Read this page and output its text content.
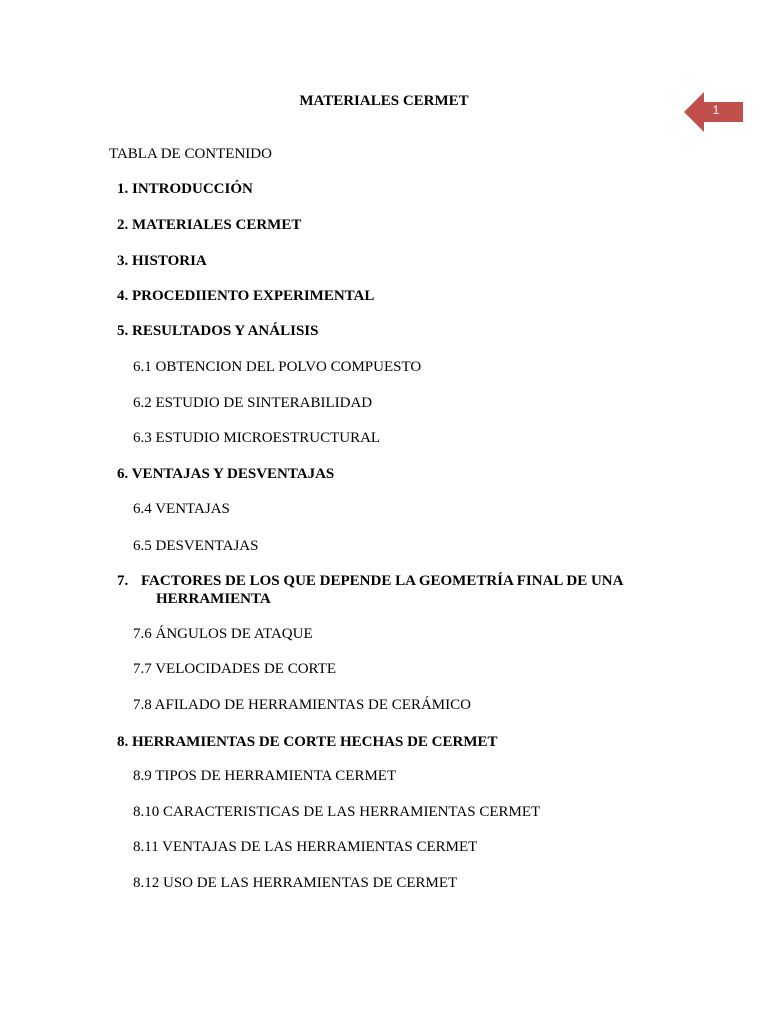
MATERIALES CERMET
1

TABLA DE CONTENIDO

1. INTRODUCCIÓN
2. MATERIALES CERMET
3. HISTORIA
4. PROCEDIIENTO EXPERIMENTAL
5. RESULTADOS Y ANÁLISIS
6.1 OBTENCION DEL POLVO COMPUESTO
6.2 ESTUDIO DE SINTERABILIDAD
6.3 ESTUDIO MICROESTRUCTURAL
6. VENTAJAS Y DESVENTAJAS
6.4 VENTAJAS
6.5 DESVENTAJAS
7. FACTORES DE LOS QUE DEPENDE LA GEOMETRÍA FINAL DE UNA
HERRAMIENTA
7.6 ÁNGULOS DE ATAQUE
7.7 VELOCIDADES DE CORTE
7.8 AFILADO DE HERRAMIENTAS DE CERÁMICO
8. HERRAMIENTAS DE CORTE HECHAS DE CERMET
8.9 TIPOS DE HERRAMIENTA CERMET
8.10 CARACTERISTICAS DE LAS HERRAMIENTAS CERMET
8.11 VENTAJAS DE LAS HERRAMIENTAS CERMET
8.12 USO DE LAS HERRAMIENTAS DE CERMET
